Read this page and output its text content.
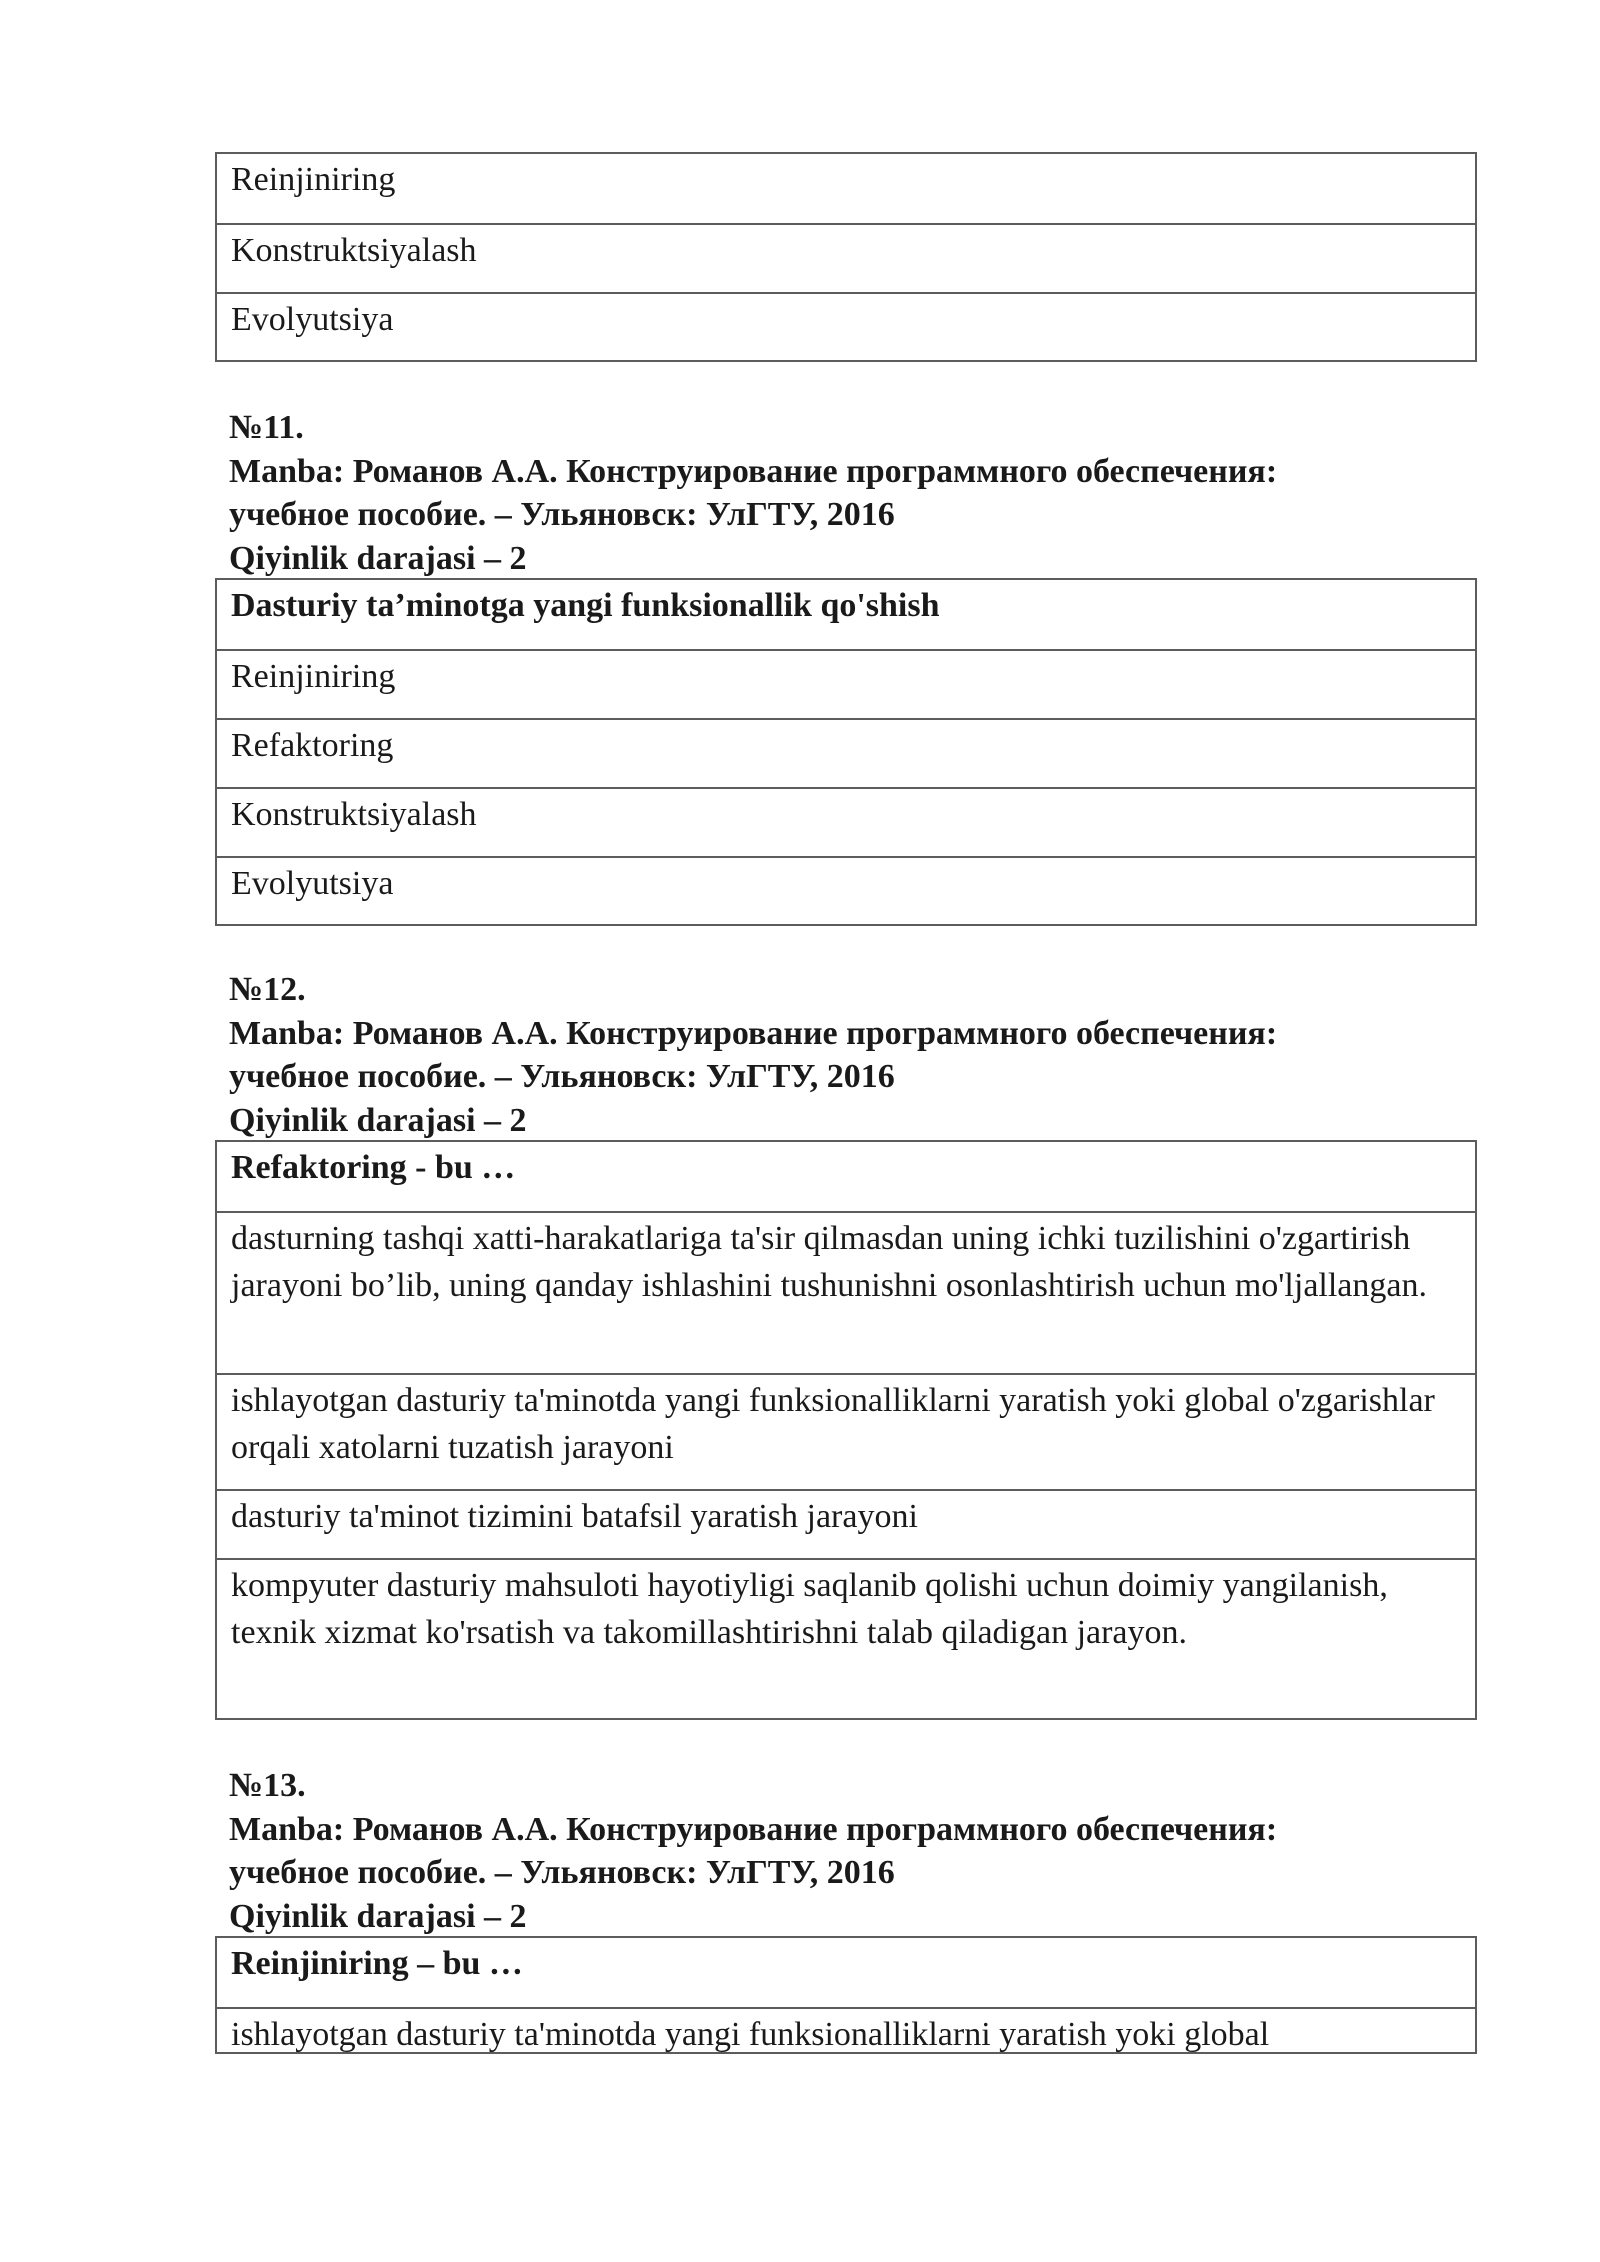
Reinjiniring
Konstruktsiyalash
Evolyutsiya
№11.
Manba: Романов А.А. Конструирование программного обеспечения:
учебное пособие. – Ульяновск: УлГТУ, 2016
Qiyinlik darajasi – 2
Dasturiy ta’minotga yangi funksionallik qo'shish
Reinjiniring
Refaktoring
Konstruktsiyalash
Evolyutsiya
№12.
Manba: Романов А.А. Конструирование программного обеспечения:
учебное пособие. – Ульяновск: УлГТУ, 2016
Qiyinlik darajasi – 2
Refaktoring - bu …
dasturning tashqi xatti-harakatlariga ta'sir qilmasdan uning ichki tuzilishini o'zgartirish jarayoni bo’lib, uning qanday ishlashini tushunishni osonlashtirish uchun mo'ljallangan.
ishlayotgan dasturiy ta'minotda yangi funksionalliklarni yaratish yoki global o'zgarishlar orqali xatolarni tuzatish jarayoni
dasturiy ta'minot tizimini batafsil yaratish jarayoni
kompyuter dasturiy mahsuloti hayotiyligi saqlanib qolishi uchun doimiy yangilanish, texnik xizmat ko'rsatish va takomillashtirishni talab qiladigan jarayon.
№13.
Manba: Романов А.А. Конструирование программного обеспечения:
учебное пособие. – Ульяновск: УлГТУ, 2016
Qiyinlik darajasi – 2
Reinjiniring – bu …
ishlayotgan dasturiy ta'minotda yangi funksionalliklarni yaratish yoki global
